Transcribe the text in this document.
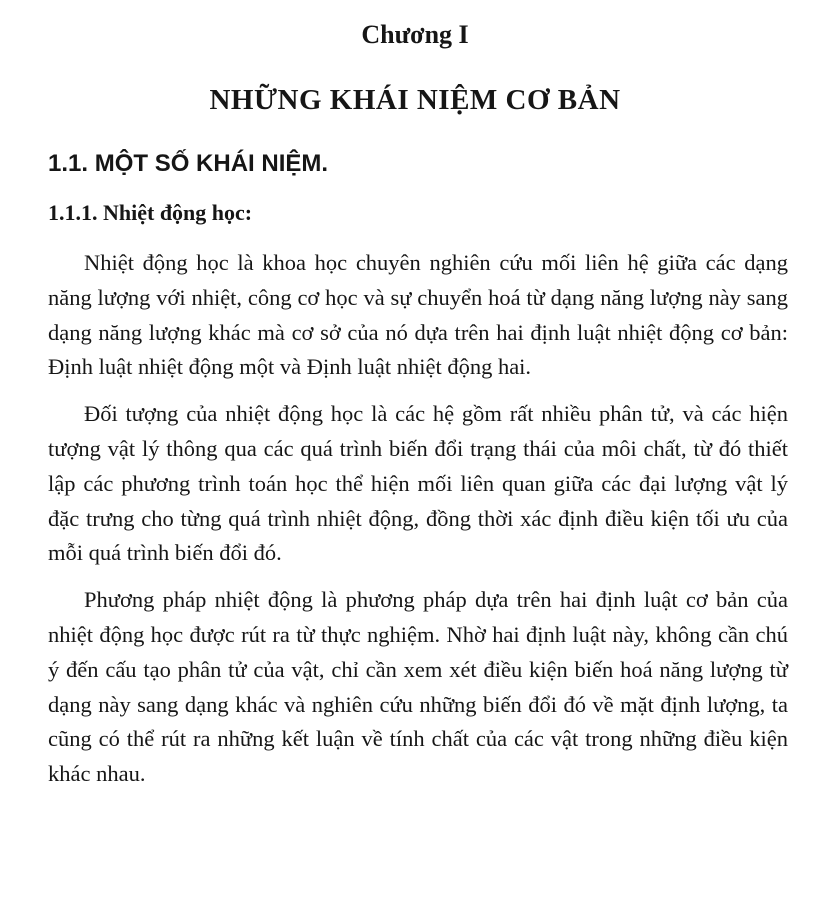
Chương I
NHỮNG KHÁI NIỆM CƠ BẢN
1.1. MỘT SỐ KHÁI NIỆM.
1.1.1. Nhiệt động học:

Nhiệt động học là khoa học chuyên nghiên cứu mối liên hệ giữa các dạng năng lượng với nhiệt, công cơ học và sự chuyển hoá từ dạng năng lượng này sang dạng năng lượng khác mà cơ sở của nó dựa trên hai định luật nhiệt động cơ bản: Định luật nhiệt động một và Định luật nhiệt động hai.

Đối tượng của nhiệt động học là các hệ gồm rất nhiều phân tử, và các hiện tượng vật lý thông qua các quá trình biến đổi trạng thái của môi chất, từ đó thiết lập các phương trình toán học thể hiện mối liên quan giữa các đại lượng vật lý đặc trưng cho từng quá trình nhiệt động, đồng thời xác định điều kiện tối ưu của mỗi quá trình biến đổi đó.

Phương pháp nhiệt động là phương pháp dựa trên hai định luật cơ bản của nhiệt động học được rút ra từ thực nghiệm. Nhờ hai định luật này, không cần chú ý đến cấu tạo phân tử của vật, chỉ cần xem xét điều kiện biến hoá năng lượng từ dạng này sang dạng khác và nghiên cứu những biến đổi đó về mặt định lượng, ta cũng có thể rút ra những kết luận về tính chất của các vật trong những điều kiện khác nhau.
